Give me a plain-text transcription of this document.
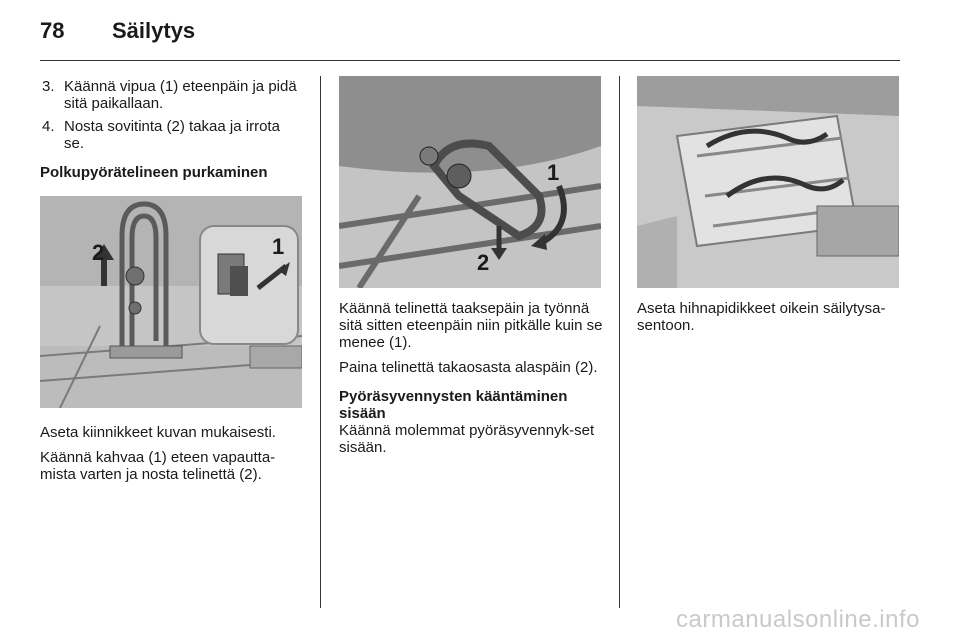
78 Säilytys
3. Käännä vipua (1) eteenpäin ja pidä sitä paikallaan.
4. Nosta sovitinta (2) takaa ja irrota se.

Polkupyörätelineen purkaminen

2	1

Aseta kiinnikkeet kuvan mukaisesti.

Käännä kahvaa (1) eteen vapautta-mista varten ja nosta telinettä (2).

1
2

Käännä telinettä taaksepäin ja työnnä sitä sitten eteenpäin niin pitkälle kuin se menee (1).

Paina telinettä takaosasta alaspäin (2).

Pyöräsyvennysten kääntäminen sisään

Käännä molemmat pyöräsyvennyk-set sisään.

Aseta hihnapidikkeet oikein säilytysa-sentoon.

carmanualsonline.info
